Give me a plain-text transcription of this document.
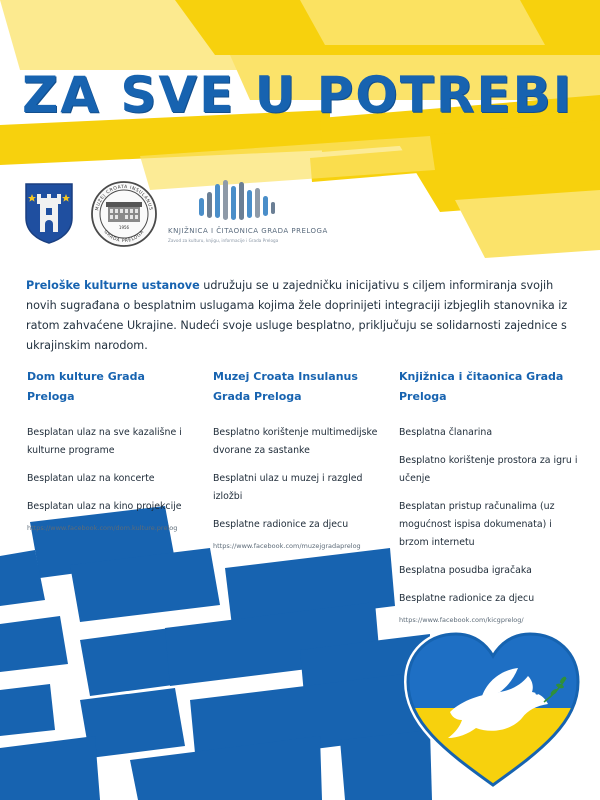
ZA SVE U POTREBI
1956
MUZEJ CROATA INSULANUS
GRADA PRELOGA	KNJIŽNICA I ČITAONICA GRADA PRELOGA
Zavod za kulturu, knjigu, informacije i Grada Preloga
Preloške kulturne ustanove udružuju se u zajedničku inicijativu s ciljem informiranja svojih novih sugrađana o besplatnim uslugama kojima žele doprinijeti integraciji izbjeglih stanovnika iz ratom zahvaćene Ukrajine. Nudeći svoje usluge besplatno, priključuju se solidarnosti zajednice s ukrajinskim narodom.
Dom kulture Grada Preloga
Besplatan ulaz na sve kazališne i kulturne programe
Besplatan ulaz na koncerte
Besplatan ulaz na kino projekcije
https://www.facebook.com/dom.kulture.prelog
Muzej Croata Insulanus Grada Preloga
Besplatno korištenje multimedijske dvorane za sastanke
Besplatni ulaz u muzej i razgled izložbi
Besplatne radionice za djecu
https://www.facebook.com/muzejgradaprelog
Knjižnica i čitaonica Grada Preloga
Besplatna članarina
Besplatno korištenje prostora za igru i učenje
Besplatan pristup računalima (uz mogućnost ispisa dokumenata) i brzom internetu
Besplatna posudba igračaka
Besplatne radionice za djecu
https://www.facebook.com/kicgprelog/
